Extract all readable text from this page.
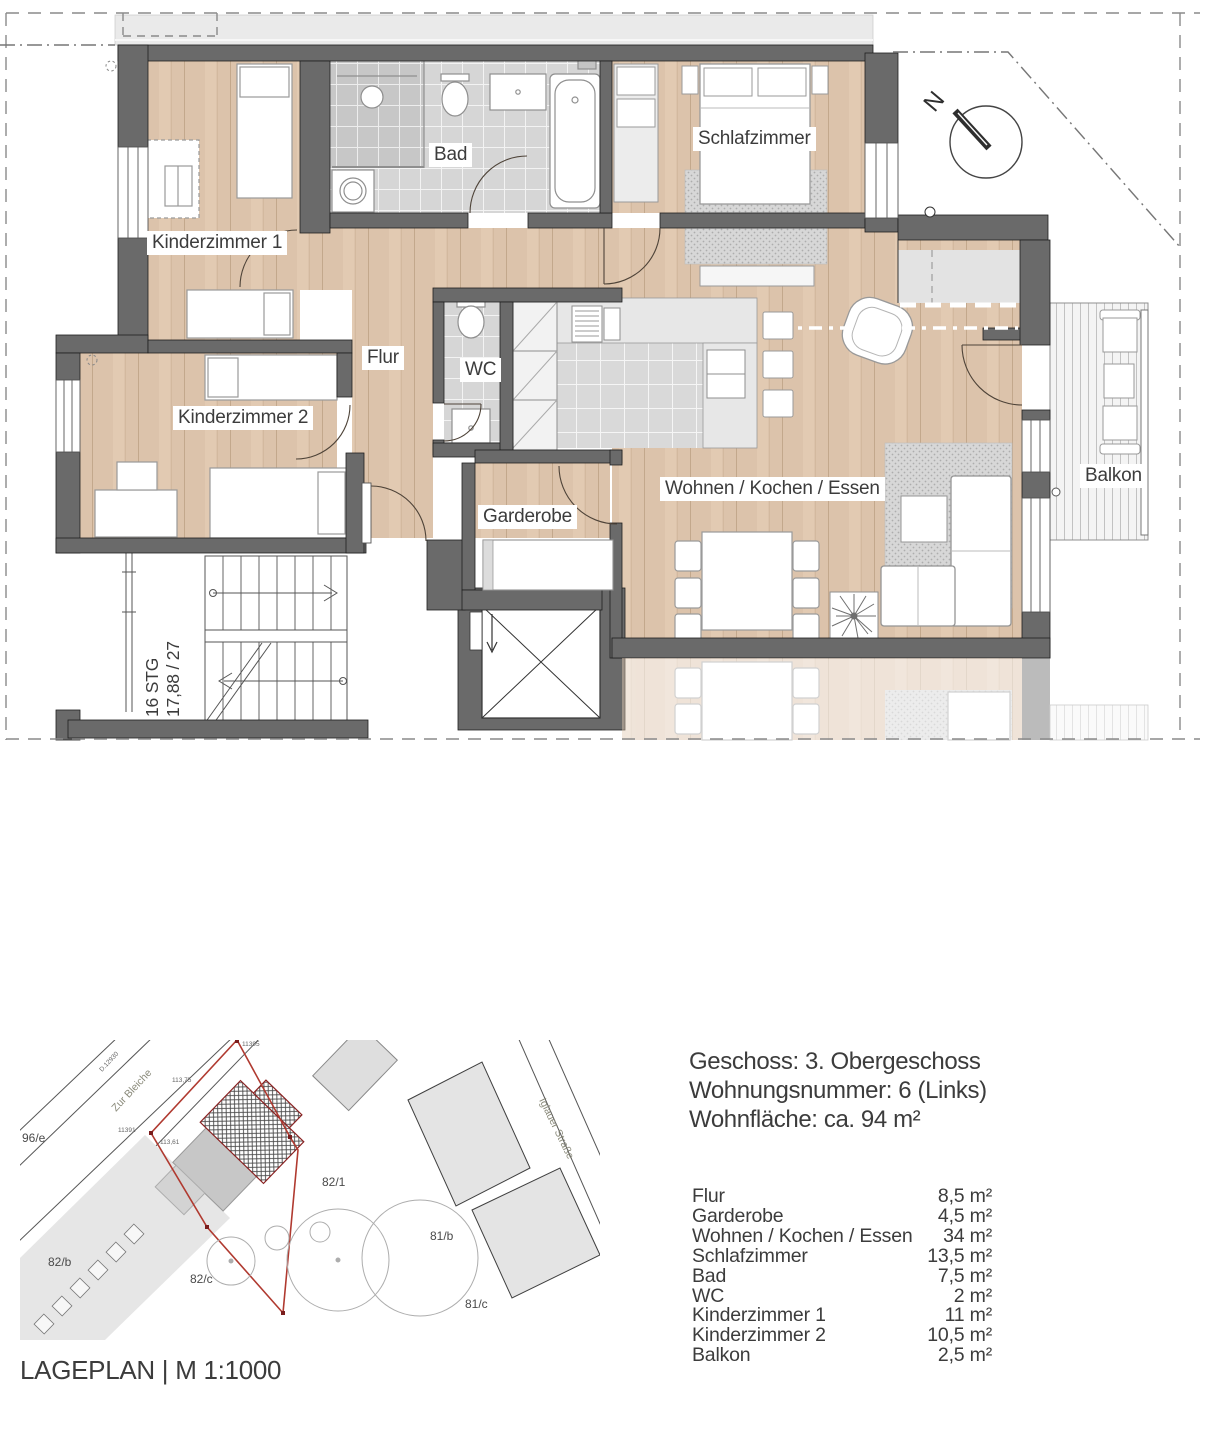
Kinderzimmer 1
Bad
Schlafzimmer
Flur
WC
Kinderzimmer 2
Garderobe
Wohnen / Kochen / Essen
Balkon
16 STG 17,88 / 27
N
96/e
82/b
82/c
82/1
81/b
81/c
Zur Bleiche
Iglauer Straße
11395
D.12930
113,75
113,61
11391
LAGEPLAN | M 1:1000
Geschoss: 3. Obergeschoss
Wohnungsnummer: 6 (Links)
Wohnfläche: ca. 94 m²
Flur	8,5 m²
Garderobe	4,5 m²
Wohnen / Kochen / Essen 34 m²
Schlafzimmer	13,5 m²
Bad	7,5 m²
WC	2 m²
Kinderzimmer 1	11 m²
Kinderzimmer 2	10,5 m²
Balkon	2,5 m²
